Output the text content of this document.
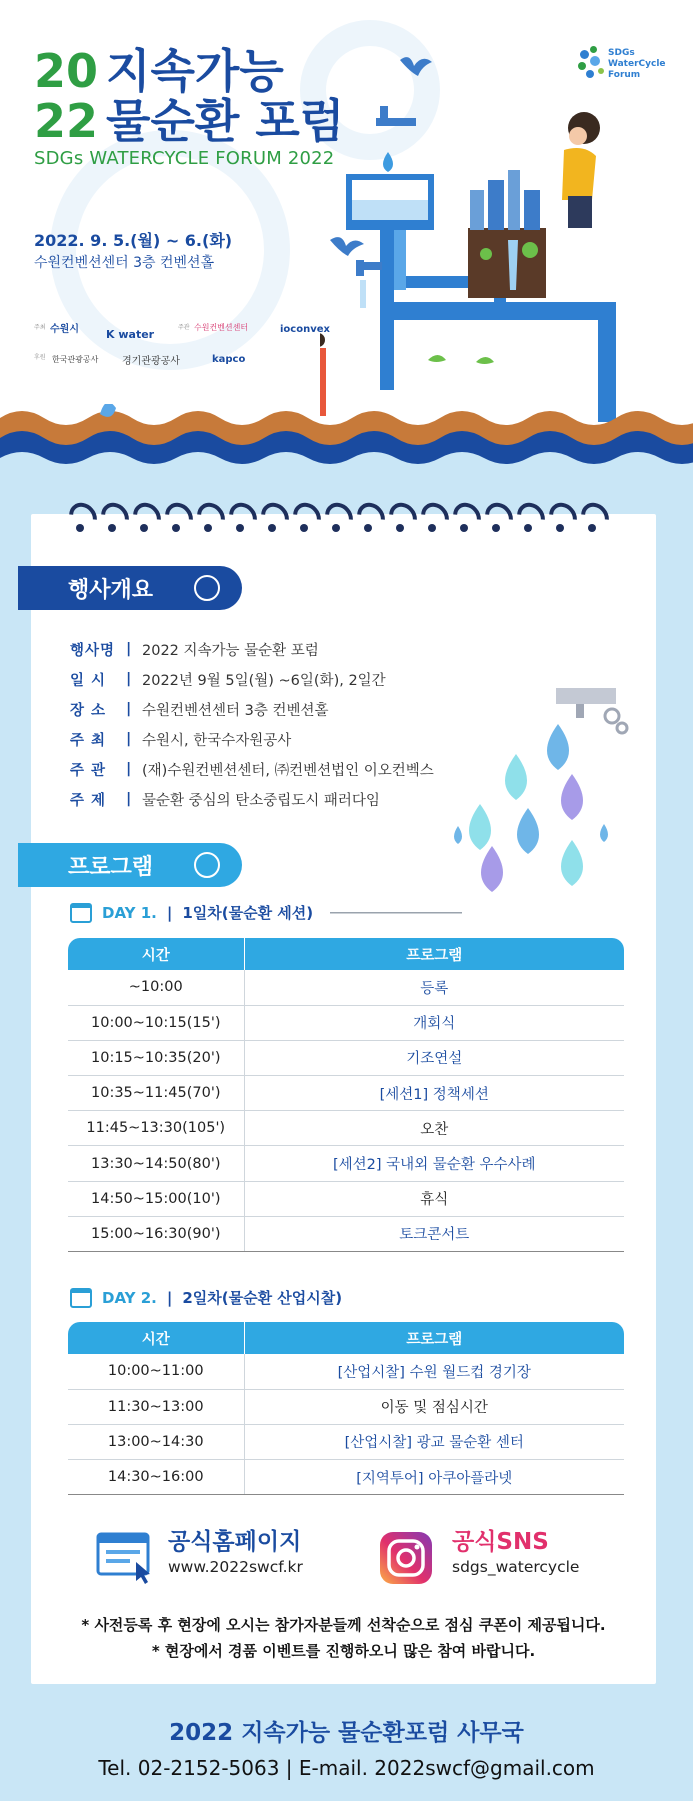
20 지속가능
22 물순환 포럼
SDGs WATERCYCLE FORUM 2022
2022. 9. 5.(월) ~ 6.(화)
수원컨벤션센터 3층 컨벤션홀
SDGs
WaterCycle
Forum
주최 수원시 K water
주관 수원컨벤션센터	ioconvex
후원 한국관광공사 경기관광공사	kapco
행사개요
행사명 | 2022 지속가능 물순환 포럼
일 시	| 2022년 9월 5일(월) ~6일(화), 2일간
장 소	| 수원컨벤션센터 3층 컨벤션홀
주 최	| 수원시, 한국수자원공사
주 관	| (재)수원컨벤션센터, ㈜컨벤션법인 이오컨벡스
주 제	| 물순환 중심의 탄소중립도시 패러다임
프로그램
DAY 1. | 1일차(물순환 세션)
시간	프로그램
~10:00	등록
10:00~10:15(15')	개회식
10:15~10:35(20')	기조연설
10:35~11:45(70')	[세션1] 정책세션
11:45~13:30(105')	오찬
13:30~14:50(80')	[세션2] 국내외 물순환 우수사례
14:50~15:00(10')	휴식
15:00~16:30(90')	토크콘서트
DAY 2. | 2일차(물순환 산업시찰)
시간	프로그램
10:00~11:00	[산업시찰] 수원 월드컵 경기장
11:30~13:00	이동 및 점심시간
13:00~14:30	[산업시찰] 광교 물순환 센터
14:30~16:00	[지역투어] 아쿠아플라넷
공식홈페이지
www.2022swcf.kr
공식SNS
sdgs_watercycle
* 사전등록 후 현장에 오시는 참가자분들께 선착순으로 점심 쿠폰이 제공됩니다.
* 현장에서 경품 이벤트를 진행하오니 많은 참여 바랍니다.
2022 지속가능 물순환포럼 사무국
Tel. 02-2152-5063 | E-mail. 2022swcf@gmail.com
